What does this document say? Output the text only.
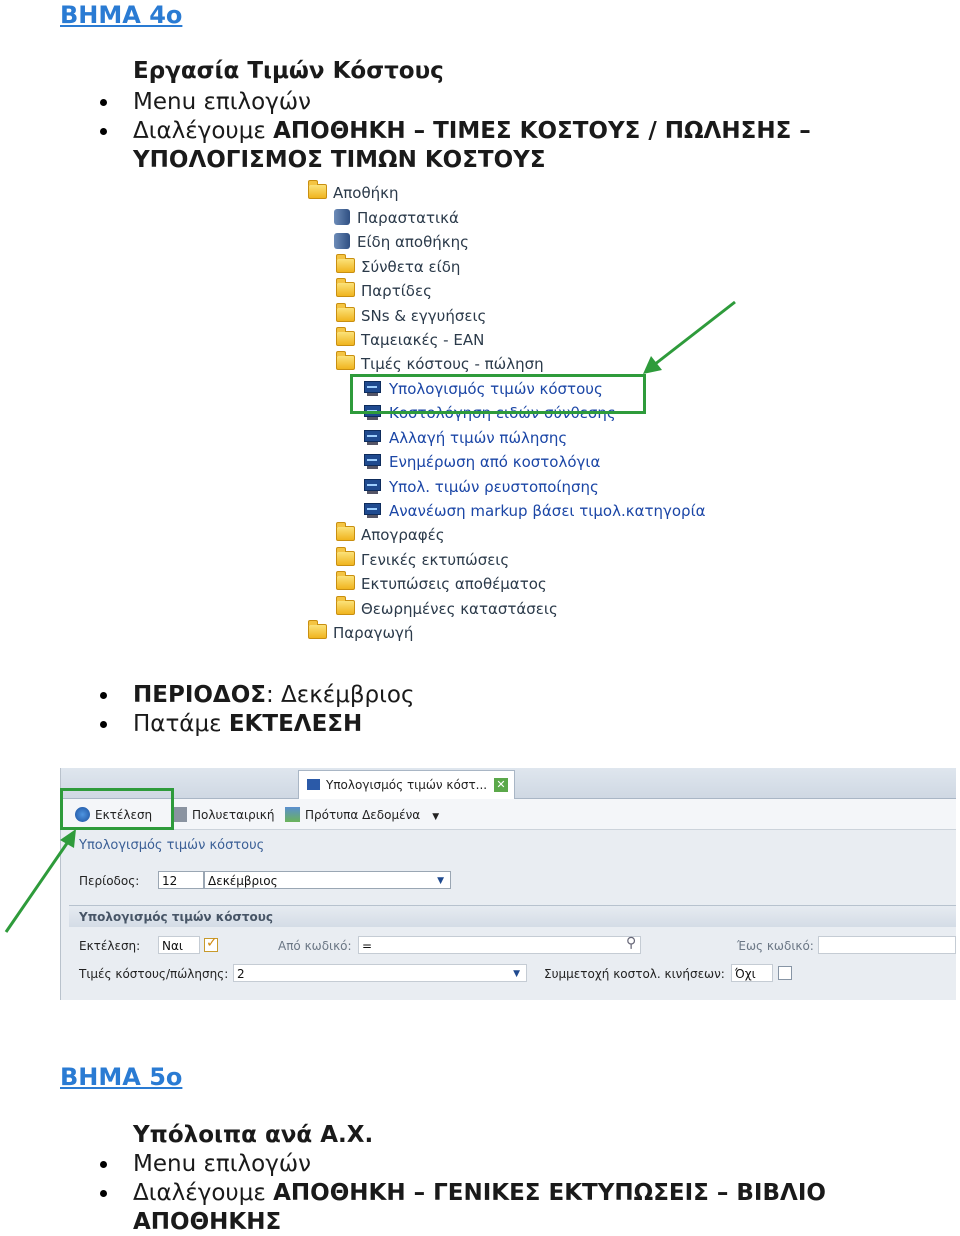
ΒΗΜΑ 4ο
Εργασία Τιμών Κόστους
Menu επιλογών
Διαλέγουμε ΑΠΟΘΗΚΗ – ΤΙΜΕΣ ΚΟΣΤΟΥΣ / ΠΩΛΗΣΗΣ –
ΥΠΟΛΟΓΙΣΜΟΣ ΤΙΜΩΝ ΚΟΣΤΟΥΣ
Αποθήκη
Παραστατικά
Είδη αποθήκης
Σύνθετα είδη
Παρτίδες
SNs & εγγυήσεις
Ταμειακές - EAN
Τιμές κόστους - πώληση
Υπολογισμός τιμών κόστους
Κοστολόγηση ειδών σύνθεσης
Αλλαγή τιμών πώλησης
Ενημέρωση από κοστολόγια
Υπολ. τιμών ρευστοποίησης
Ανανέωση markup βάσει τιμολ.κατηγορία
Απογραφές
Γενικές εκτυπώσεις
Εκτυπώσεις αποθέματος
Θεωρημένες καταστάσεις
Παραγωγή
ΠΕΡΙΟΔΟΣ: Δεκέμβριος
Πατάμε ΕΚΤΕΛΕΣΗ
Υπολογισμός τιμών κόστ... ✕
Εκτέλεση	Πολυεταιρική	Πρότυπα Δεδομένα ▼
Υπολογισμός τιμών κόστους
Περίοδος:	12	Δεκέμβριος	▼
Υπολογισμός τιμών κόστους
Εκτέλεση:	Ναι	✓	Από κωδικό: =	⚲	Έως κωδικό:
Τιμές κόστους/πώλησης: 2	▼ Συμμετοχή κοστολ. κινήσεων: Όχι
ΒΗΜΑ 5ο
Υπόλοιπα ανά Α.Χ.
Menu επιλογών
Διαλέγουμε ΑΠΟΘΗΚΗ – ΓΕΝΙΚΕΣ ΕΚΤΥΠΩΣΕΙΣ – ΒΙΒΛΙΟ
ΑΠΟΘΗΚΗΣ
